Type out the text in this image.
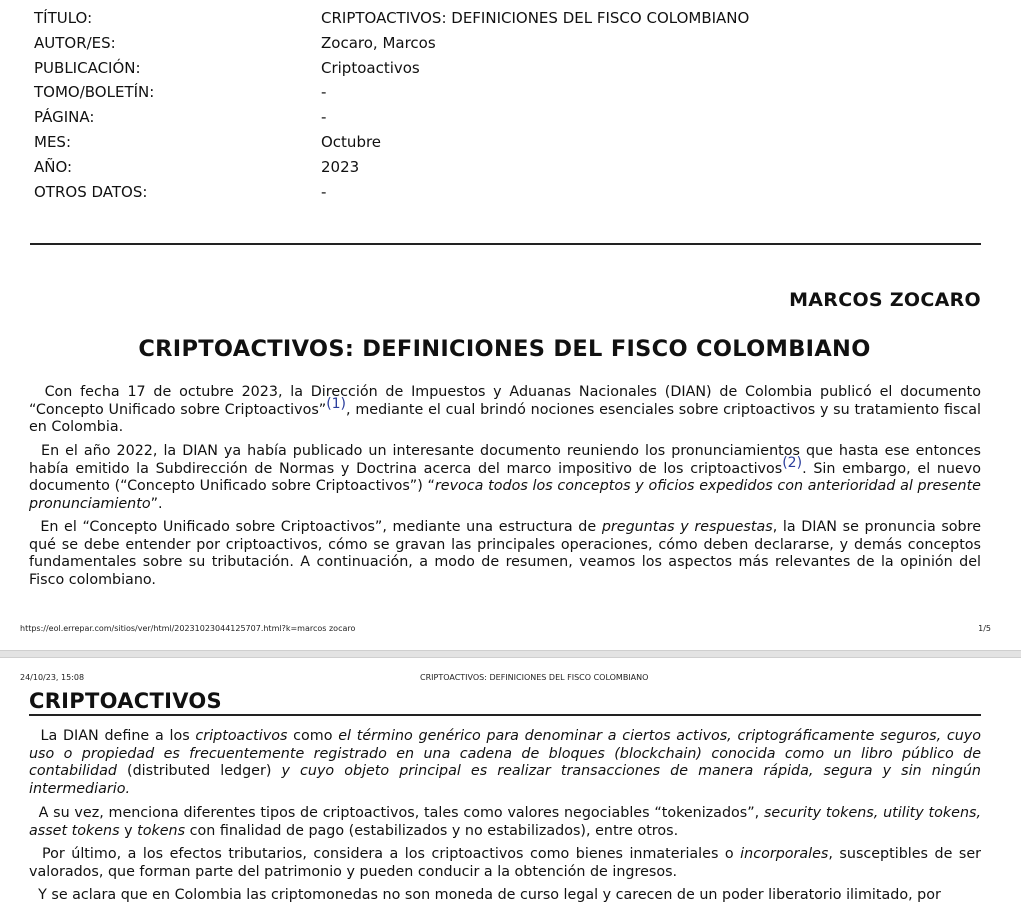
TÍTULO:	CRIPTOACTIVOS: DEFINICIONES DEL FISCO COLOMBIANO
AUTOR/ES:	Zocaro, Marcos
PUBLICACIÓN:	Criptoactivos
TOMO/BOLETÍN:	-
PÁGINA:	-
MES:	Octubre
AÑO:	2023
OTROS DATOS:	-
MARCOS ZOCARO
CRIPTOACTIVOS: DEFINICIONES DEL FISCO COLOMBIANO

Con fecha 17 de octubre 2023, la Dirección de Impuestos y Aduanas Nacionales (DIAN) de Colombia publicó el documento “Concepto Unificado sobre Criptoactivos”(1), mediante el cual brindó nociones esenciales sobre criptoactivos y su tratamiento fiscal en Colombia.

En el año 2022, la DIAN ya había publicado un interesante documento reuniendo los pronunciamientos que hasta ese entonces había emitido la Subdirección de Normas y Doctrina acerca del marco impositivo de los criptoactivos(2). Sin embargo, el nuevo documento (“Concepto Unificado sobre Criptoactivos”) “revoca todos los conceptos y oficios expedidos con anterioridad al presente pronunciamiento”.

En el “Concepto Unificado sobre Criptoactivos”, mediante una estructura de preguntas y respuestas, la DIAN se pronuncia sobre qué se debe entender por criptoactivos, cómo se gravan las principales operaciones, cómo deben declararse, y demás conceptos fundamentales sobre su tributación. A continuación, a modo de resumen, veamos los aspectos más relevantes de la opinión del Fisco colombiano.

https://eol.errepar.com/sitios/ver/html/20231023044125707.html?k=marcos zocaro	1/5
24/10/23, 15:08	CRIPTOACTIVOS: DEFINICIONES DEL FISCO COLOMBIANO
CRIPTOACTIVOS

La DIAN define a los criptoactivos como el término genérico para denominar a ciertos activos, criptográficamente seguros, cuyo uso o propiedad es frecuentemente registrado en una cadena de bloques (blockchain) conocida como un libro público de contabilidad (distributed ledger) y cuyo objeto principal es realizar transacciones de manera rápida, segura y sin ningún intermediario.

A su vez, menciona diferentes tipos de criptoactivos, tales como valores negociables “tokenizados”, security tokens, utility tokens, asset tokens y tokens con finalidad de pago (estabilizados y no estabilizados), entre otros.

Por último, a los efectos tributarios, considera a los criptoactivos como bienes inmateriales o incorporales, susceptibles de ser valorados, que forman parte del patrimonio y pueden conducir a la obtención de ingresos.

Y se aclara que en Colombia las criptomonedas no son moneda de curso legal y carecen de un poder liberatorio ilimitado, por
